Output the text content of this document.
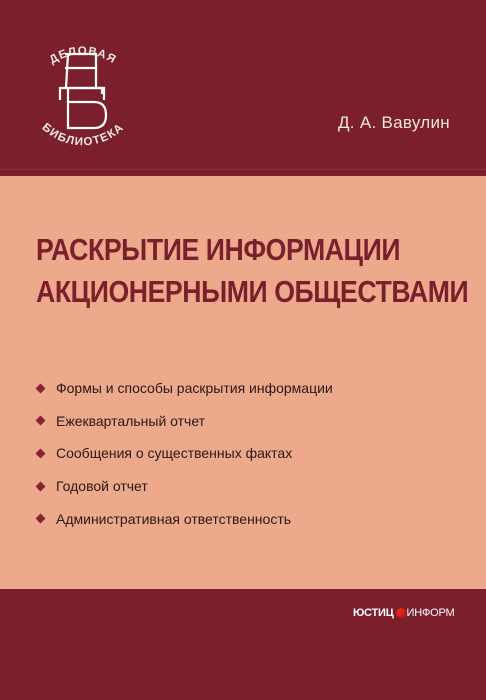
ДЕЛОВАЯ
БИБЛИОТЕКА	Д. А. Вавулин
РАСКРЫТИЕ ИНФОРМАЦИИ
АКЦИОНЕРНЫМИ ОБЩЕСТВАМИ
Формы и способы раскрытия информации
Ежеквартальный отчет
Сообщения о существенных фактах
Годовой отчет
Административная ответственность
ЮСТИЦ ИНФОРМ
